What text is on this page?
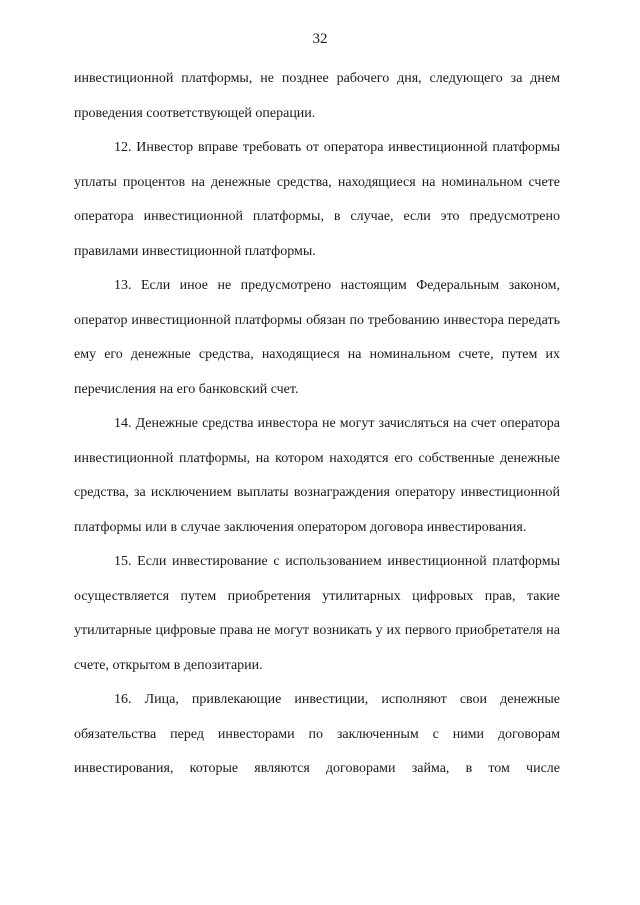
32

инвестиционной платформы, не позднее рабочего дня, следующего за днем проведения соответствующей операции.

12. Инвестор вправе требовать от оператора инвестиционной платформы уплаты процентов на денежные средства, находящиеся на номинальном счете оператора инвестиционной платформы, в случае, если это предусмотрено правилами инвестиционной платформы.

13. Если иное не предусмотрено настоящим Федеральным законом, оператор инвестиционной платформы обязан по требованию инвестора передать ему его денежные средства, находящиеся на номинальном счете, путем их перечисления на его банковский счет.

14. Денежные средства инвестора не могут зачисляться на счет оператора инвестиционной платформы, на котором находятся его собственные денежные средства, за исключением выплаты вознаграждения оператору инвестиционной платформы или в случае заключения оператором договора инвестирования.

15. Если инвестирование с использованием инвестиционной платформы осуществляется путем приобретения утилитарных цифровых прав, такие утилитарные цифровые права не могут возникать у их первого приобретателя на счете, открытом в депозитарии.

16. Лица, привлекающие инвестиции, исполняют свои денежные обязательства перед инвесторами по заключенным с ними договорам инвестирования, которые являются договорами займа, в том числе
